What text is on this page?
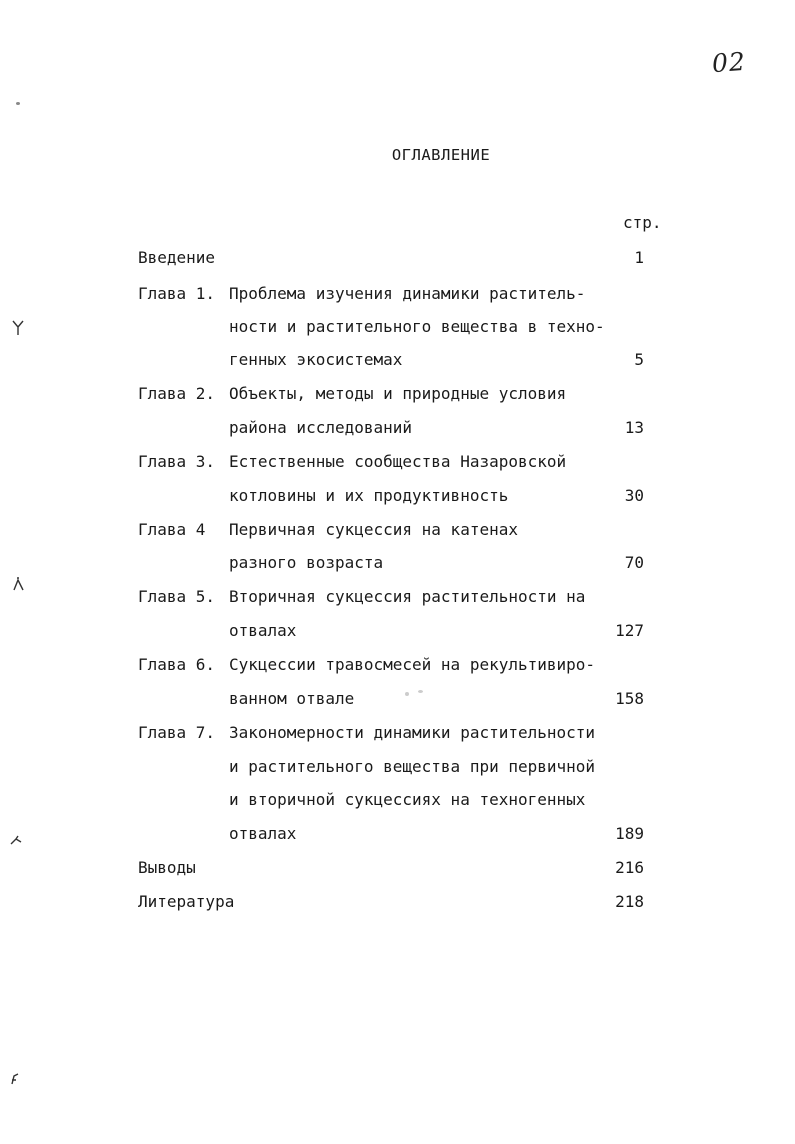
02
ОГЛАВЛЕНИЕ
стр.
Введение	1
Глава 1. Проблема изучения динамики раститель-
ности и растительного вещества в техно-
генных экосистемах	5
Глава 2. Объекты, методы и природные условия
района исследований	13
Глава 3. Естественные сообщества Назаровской
котловины и их продуктивность	30
Глава 4 Первичная сукцессия на катенах
разного возраста	70
Глава 5. Вторичная сукцессия растительности на
отвалах	127
Глава 6. Сукцессии травосмесей на рекультивиро-
ванном отвале	158
Глава 7. Закономерности динамики растительности
и растительного вещества при первичной
и вторичной сукцессиях на техногенных
отвалах	189
Выводы	216
Литература	218
